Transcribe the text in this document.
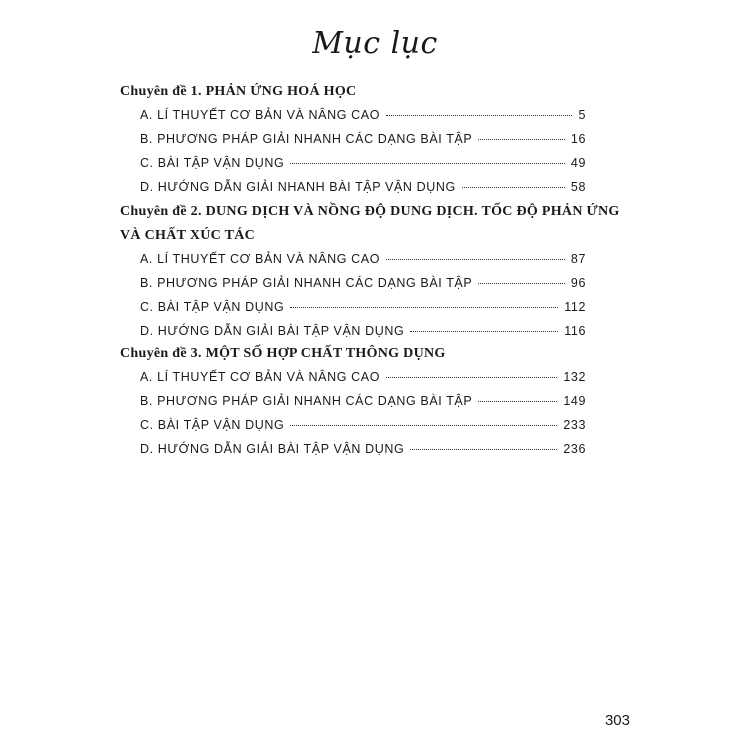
Mục lục
Chuyên đề 1. PHẢN ỨNG HOÁ HỌC
A. LÍ THUYẾT CƠ BẢN VÀ NÂNG CAO	5
B. PHƯƠNG PHÁP GIẢI NHANH CÁC DẠNG BÀI TẬP	16
C. BÀI TẬP VẬN DỤNG	49
D. HƯỚNG DẪN GIẢI NHANH BÀI TẬP VẬN DỤNG	58
Chuyên đề 2. DUNG DỊCH VÀ NỒNG ĐỘ DUNG DỊCH. TỐC ĐỘ PHẢN ỨNG
VÀ CHẤT XÚC TÁC
A. LÍ THUYẾT CƠ BẢN VÀ NÂNG CAO	87
B. PHƯƠNG PHÁP GIẢI NHANH CÁC DẠNG BÀI TẬP	96
C. BÀI TẬP VẬN DỤNG	112
D. HƯỚNG DẪN GIẢI BÀI TẬP VẬN DỤNG	116
Chuyên đề 3. MỘT SỐ HỢP CHẤT THÔNG DỤNG
A. LÍ THUYẾT CƠ BẢN VÀ NÂNG CAO	132
B. PHƯƠNG PHÁP GIẢI NHANH CÁC DẠNG BÀI TẬP	149
C. BÀI TẬP VẬN DỤNG	233
D. HƯỚNG DẪN GIẢI BÀI TẬP VẬN DỤNG	236
303
